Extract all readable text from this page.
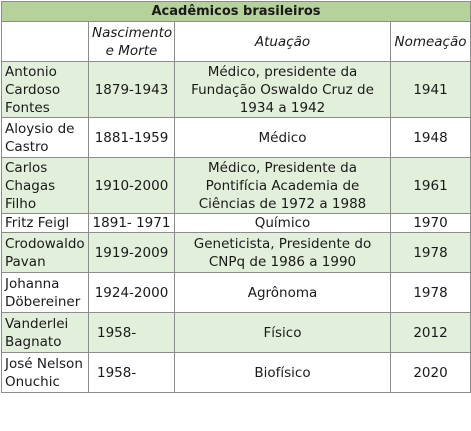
Acadêmicos brasileiros			
	Nascimento e Morte	Atuação	Nomeação
Antonio Cardoso Fontes	1879-1943	Médico, presidente da Fundação Oswaldo Cruz de 1934 a 1942	1941
Aloysio de Castro	1881-1959	Médico	1948
Carlos Chagas Filho	1910-2000	Médico, Presidente da Pontifícia Academia de Ciências de 1972 a 1988	1961
Fritz Feigl	1891- 1971	Químico	1970
Crodowaldo Pavan	1919-2009	Geneticista, Presidente do CNPq de 1986 a 1990	1978
Johanna Döbereiner	1924-2000	Agrônoma	1978
Vanderlei Bagnato	1958-	Físico	2012
José Nelson Onuchic	1958-	Biofísico	2020
